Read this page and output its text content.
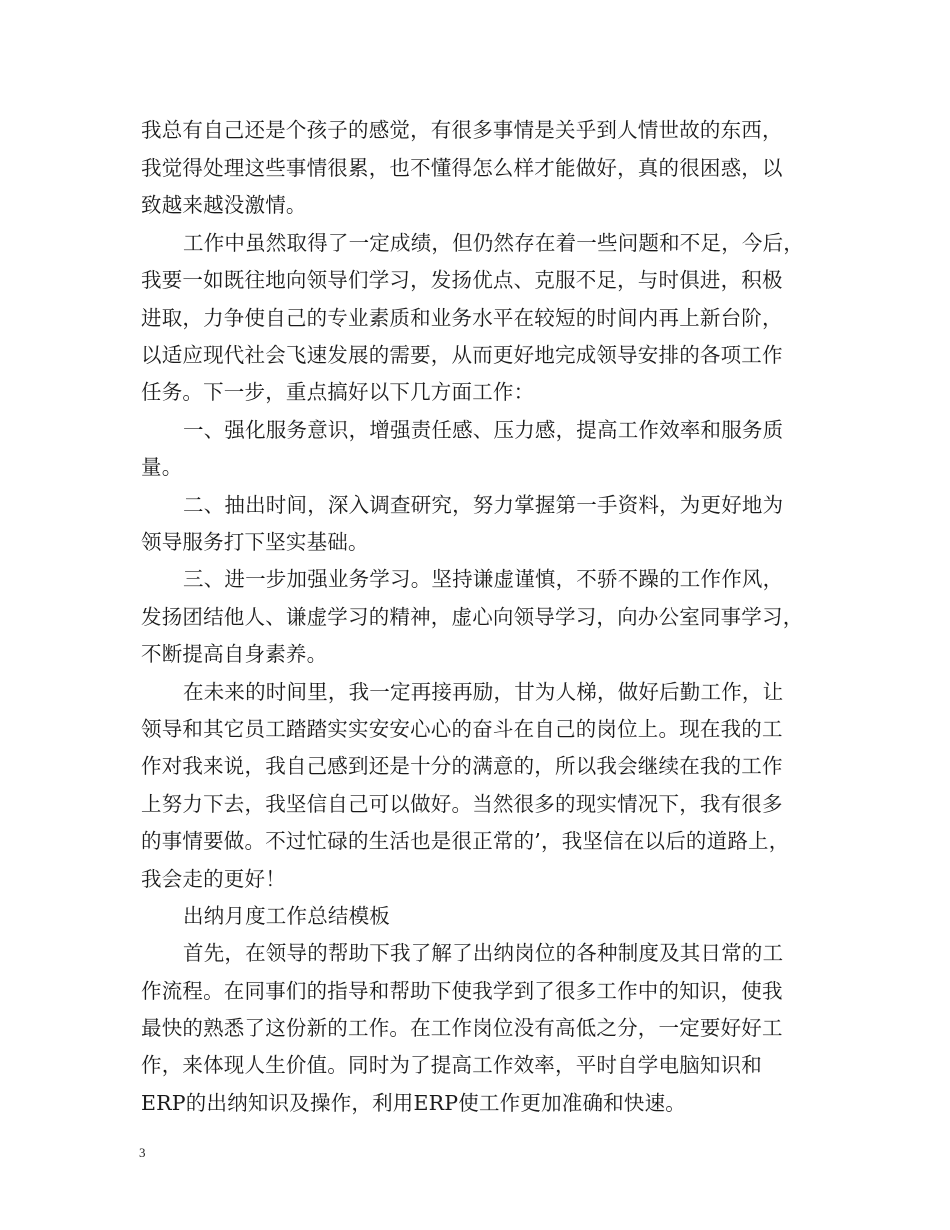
我总有自己还是个孩子的感觉，有很多事情是关乎到人情世故的东西，
我觉得处理这些事情很累，也不懂得怎么样才能做好，真的很困惑，以
致越来越没激情。
工作中虽然取得了一定成绩，但仍然存在着一些问题和不足，今后，
我要一如既往地向领导们学习，发扬优点、克服不足，与时俱进，积极
进取，力争使自己的专业素质和业务水平在较短的时间内再上新台阶，
以适应现代社会飞速发展的需要，从而更好地完成领导安排的各项工作
任务。下一步，重点搞好以下几方面工作：
一、强化服务意识，增强责任感、压力感，提高工作效率和服务质
量。
二、抽出时间，深入调查研究，努力掌握第一手资料，为更好地为
领导服务打下坚实基础。
三、进一步加强业务学习。坚持谦虚谨慎，不骄不躁的工作作风，
发扬团结他人、谦虚学习的精神，虚心向领导学习，向办公室同事学习，
不断提高自身素养。
在未来的时间里，我一定再接再励，甘为人梯，做好后勤工作，让
领导和其它员工踏踏实实安安心心的奋斗在自己的岗位上。现在我的工
作对我来说，我自己感到还是十分的满意的，所以我会继续在我的工作
上努力下去，我坚信自己可以做好。当然很多的现实情况下，我有很多
的事情要做。不过忙碌的生活也是很正常的’，我坚信在以后的道路上，
我会走的更好！
出纳月度工作总结模板
首先，在领导的帮助下我了解了出纳岗位的各种制度及其日常的工
作流程。在同事们的指导和帮助下使我学到了很多工作中的知识，使我
最快的熟悉了这份新的工作。在工作岗位没有高低之分，一定要好好工
作，来体现人生价值。同时为了提高工作效率，平时自学电脑知识和
ERP的出纳知识及操作，利用ERP使工作更加准确和快速。
3
